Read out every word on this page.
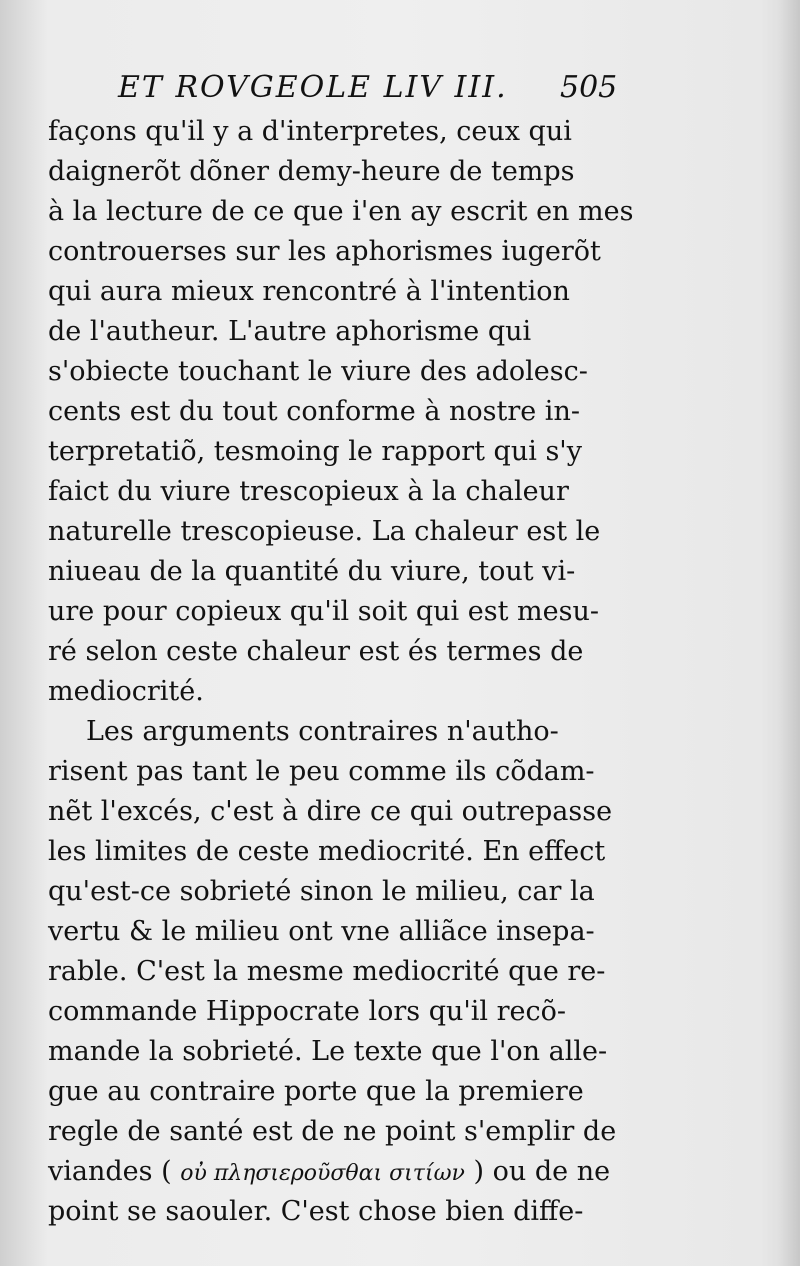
ET ROVGEOLE LIV III.	505
façons qu'il y a d'interpretes, ceux qui
daignerõt dõner demy-heure de temps
à la lecture de ce que i'en ay escrit en mes
controuerses sur les aphorismes iugerõt
qui aura mieux rencontré à l'intention
de l'autheur. L'autre aphorisme qui
s'obiecte touchant le viure des adolesc-
cents est du tout conforme à nostre in-
terpretatiõ, tesmoing le rapport qui s'y
faict du viure trescopieux à la chaleur
naturelle trescopieuse. La chaleur est le
niueau de la quantité du viure, tout vi-
ure pour copieux qu'il soit qui est mesu-
ré selon ceste chaleur est és termes de
mediocrité.
Les arguments contraires n'autho-
risent pas tant le peu comme ils cõdam-
nẽt l'excés, c'est à dire ce qui outrepasse
les limites de ceste mediocrité. En effect
qu'est-ce sobrieté sinon le milieu, car la
vertu & le milieu ont vne alliãce insepa-
rable. C'est la mesme mediocrité que re-
commande Hippocrate lors qu'il recõ-
mande la sobrieté. Le texte que l'on alle-
gue au contraire porte que la premiere
regle de santé est de ne point s'emplir de
viandes ( οὐ πλησιεροῦσθαι σιτίων ) ou de ne
point se saouler. C'est chose bien diffe-
